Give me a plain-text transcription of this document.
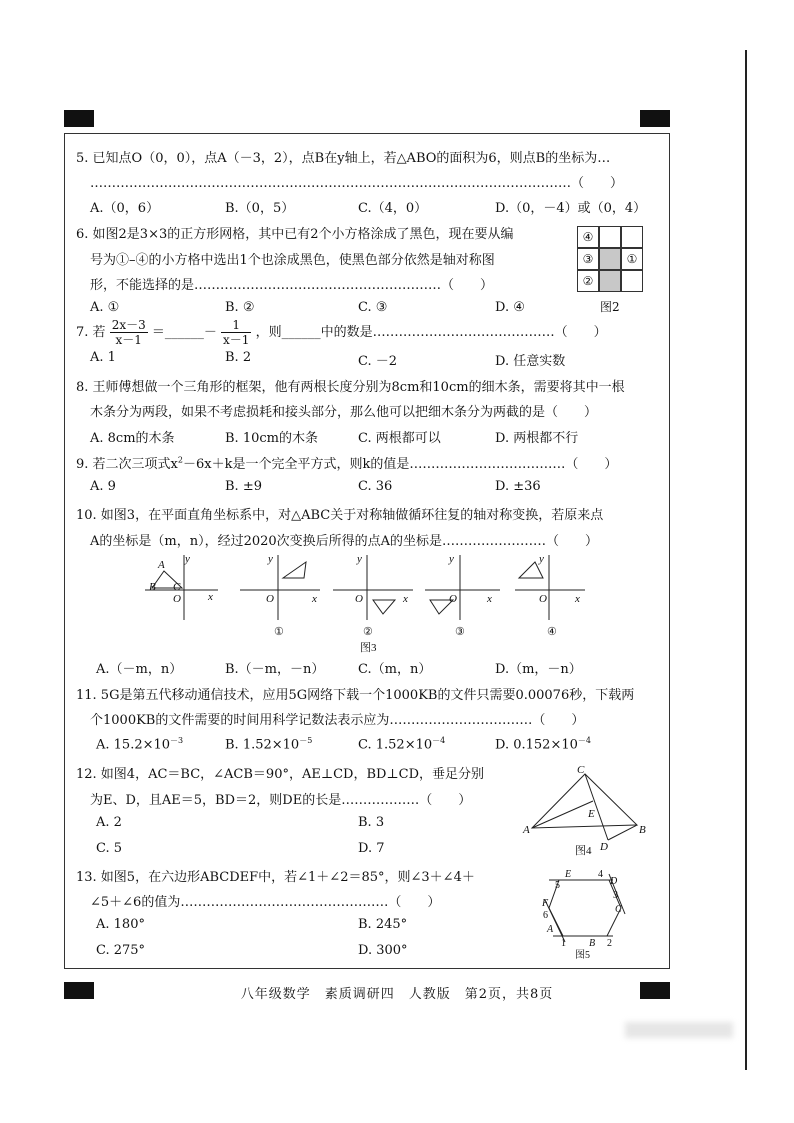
5. 已知点O（0，0），点A（－3，2），点B在y轴上，若△ABO的面积为6，则点B的坐标为…
…………………………………………………………………………………………………（　　）
A.（0，6）	B.（0，5）	C.（4，0）	D.（0，－4）或（0，4）
6. 如图2是3×3的正方形网格，其中已有2个小方格涂成了黑色，现在要从编
号为①–④的小方格中选出1个也涂成黑色，使黑色部分依然是轴对称图
形，不能选择的是…………………………………………………（　　）
A. ①	B. ②	C. ③	D. ④
④
③	①
②
图2
7. 若 $\frac{2x-3}{x-1}$ ＝______－ $\frac{1}{x-1}$ ，则______中的数是……………………………………（　　）
A. 1	B. 2	C. －2	D. 任意实数
8. 王师傅想做一个三角形的框架，他有两根长度分别为8cm和10cm的细木条，需要将其中一根
木条分为两段，如果不考虑损耗和接头部分，那么他可以把细木条分为两截的是（　　）
A. 8cm的木条	B. 10cm的木条	C. 两根都可以	D. 两根都不行
9. 若二次三项式$x^2-6x+k$是一个完全平方式，则k的值是………………………………（　　）
A. 9	B. ±9	C. 36	D. ±36
10. 如图3，在平面直角坐标系中，对△ABC关于对称轴做循环往复的轴对称变换，若原来点
A的坐标是（m，n），经过2020次变换后所得的点A的坐标是……………………（　　）
y
x
O
A
B C
y
x
O
①
y
x
O
②
y
x
O
③
y
x
O
④
图3
A.（－m，n）	B.（－m，－n）	C.（m，n）	D.（m，－n）
11. 5G是第五代移动通信技术，应用5G网络下载一个1000KB的文件只需要0.00076秒，下载两
个1000KB的文件需要的时间用科学记数法表示应为……………………………（　　）
A. $15.2\times 10^{-3}$	B. $1.52\times 10^{-5}$	C. $1.52\times 10^{-4}$	D. $0.152\times 10^{-4}$
12. 如图4，AC＝BC，∠ACB＝90°，AE⊥CD，BD⊥CD，垂足分别
为E、D，且AE＝5，BD＝2，则DE的长是………………（　　）
A. 2	B. 3
C. 5	D. 7
C
A	B
E
D
图4
13. 如图5，在六边形ABCDEF中，若∠1＋∠2＝85°，则∠3＋∠4＋
∠5＋∠6的值为…………………………………………（　　）
A. 180°	B. 245°
C. 275°	D. 300°
E
D
C
B
A
F
1	2
3
4
5
6
图5
八年级数学　素质调研四　人教版　第2页，共8页
